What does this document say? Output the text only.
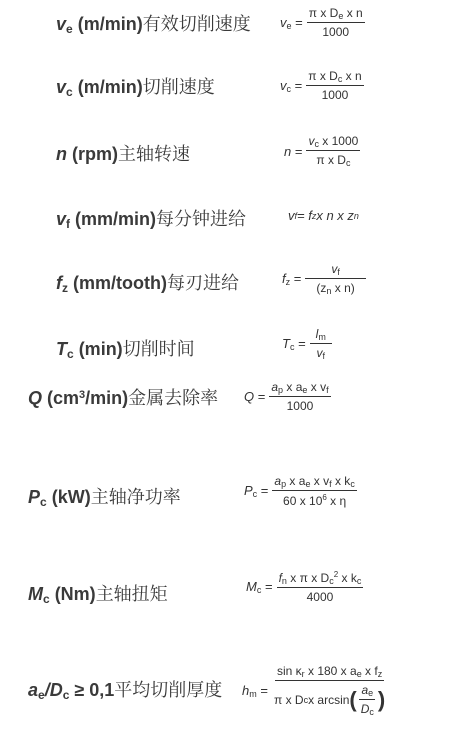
$v_e$ (m/min)有效切削速度 $v_e = \frac{\pi x D_e x n}{1000}$
$v_c$ (m/min)切削速度	$v_c = \frac{\pi x D_c x n}{1000}$
n (rpm)主轴转速	$n = \frac{v_c x 1000}{\pi x D_c}$
$v_f$ (mm/min)每分钟进给	v f = f z x n x z n
$f_z$ (mm/tooth)每刃进给	$f_z = \frac{v_f}{(z_n x n)}$
$T_c$ (min)切削时间	$T_c = \frac{l_m}{v_f}$
Q $(cm^3/\min)$金属去除率 $Q = \frac{a_p x a_e x v_f}{1000}$
$P_c$ (kW)主轴净功率	$P_c = \frac{a_p x a_e x v_f x k_c}{60 x 10^6 x \eta}$
$M_c$ (Nm)主轴扭矩	$M_c = \frac{f_n x \pi x D_c^2 x k_c}{4000}$
$a_e/D_c \ge 0,1$平均切削厚度 $h_m$ =
$\sin \kappa_r$ x 180 x $a_e$ x $f_z$
π x D c x arcsin ( $\frac{a_e}{D_c}$ )
